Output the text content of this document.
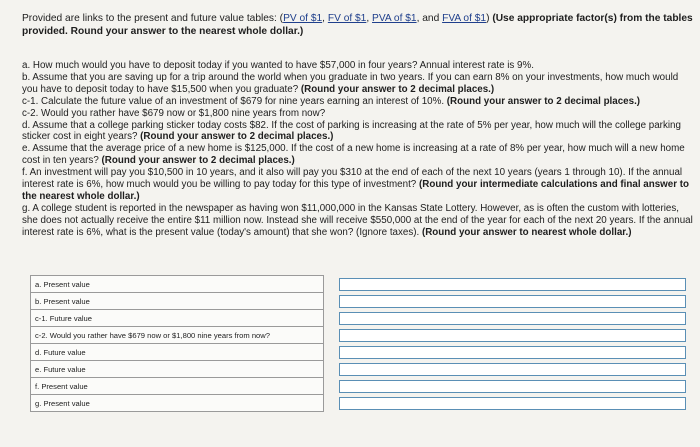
Provided are links to the present and future value tables: (PV of $1, FV of $1, PVA of $1, and FVA of $1) (Use appropriate factor(s) from the tables provided. Round your answer to the nearest whole dollar.)

a. How much would you have to deposit today if you wanted to have $57,000 in four years? Annual interest rate is 9%.

b. Assume that you are saving up for a trip around the world when you graduate in two years. If you can earn 8% on your investments, how much would you have to deposit today to have $15,500 when you graduate? (Round your answer to 2 decimal places.)

c-1. Calculate the future value of an investment of $679 for nine years earning an interest of 10%. (Round your answer to 2 decimal places.)

c-2. Would you rather have $679 now or $1,800 nine years from now?

d. Assume that a college parking sticker today costs $82. If the cost of parking is increasing at the rate of 5% per year, how much will the college parking sticker cost in eight years? (Round your answer to 2 decimal places.)

e. Assume that the average price of a new home is $125,000. If the cost of a new home is increasing at a rate of 8% per year, how much will a new home cost in ten years? (Round your answer to 2 decimal places.)

f. An investment will pay you $10,500 in 10 years, and it also will pay you $310 at the end of each of the next 10 years (years 1 through 10). If the annual interest rate is 6%, how much would you be willing to pay today for this type of investment? (Round your intermediate calculations and final answer to the nearest whole dollar.)

g. A college student is reported in the newspaper as having won $11,000,000 in the Kansas State Lottery. However, as is often the custom with lotteries, she does not actually receive the entire $11 million now. Instead she will receive $550,000 at the end of the year for each of the next 20 years. If the annual interest rate is 6%, what is the present value (today's amount) that she won? (Ignore taxes). (Round your answer to nearest whole dollar.)

a. Present value		
b. Present value		
c-1. Future value		
c-2. Would you rather have $679 now or $1,800 nine years from now?		
d. Future value		
e. Future value		
f. Present value		
g. Present value		
